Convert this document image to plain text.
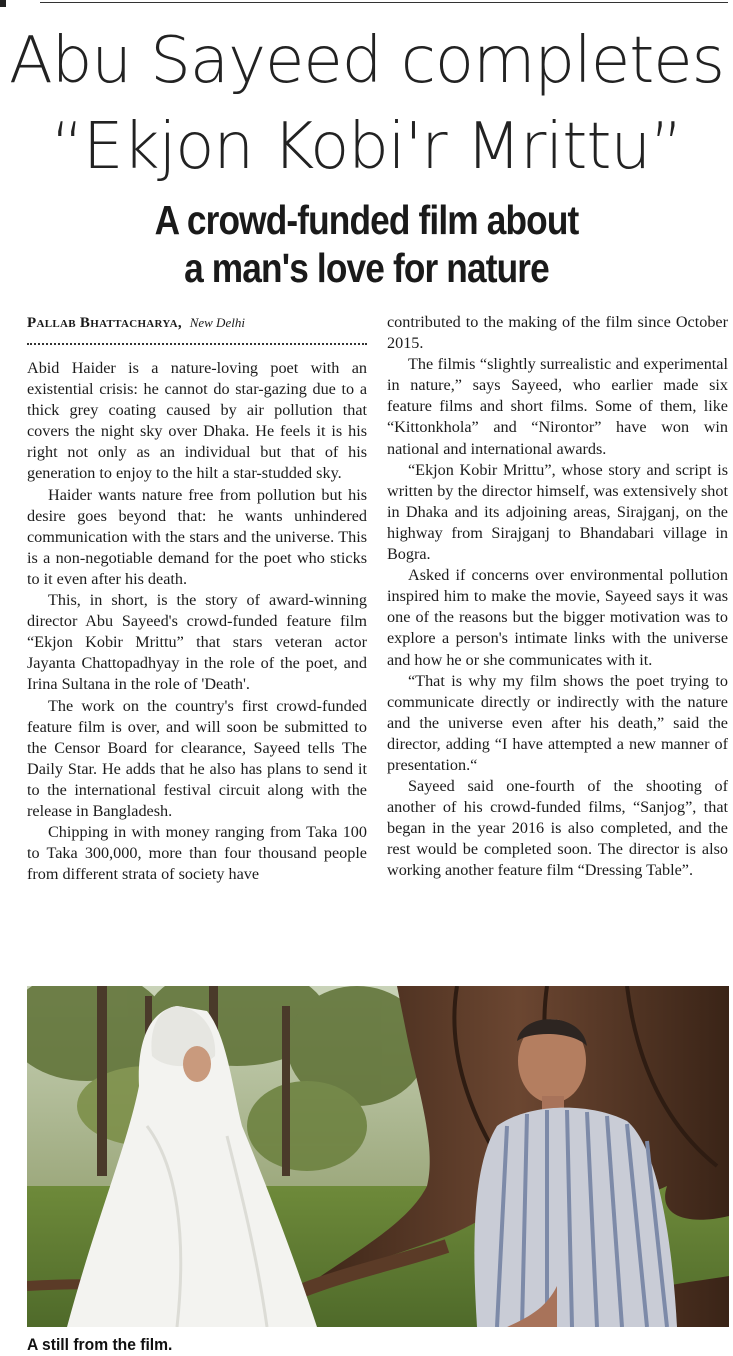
Abu Sayeed completes
“Ekjon Kobi'r Mrittu”
A crowd-funded film about
a man's love for nature
Pallab Bhattacharya, New Delhi

Abid Haider is a nature-loving poet with an existential crisis: he cannot do star-gazing due to a thick grey coating caused by air pollution that covers the night sky over Dhaka. He feels it is his right not only as an individual but that of his generation to enjoy to the hilt a star-studded sky.

Haider wants nature free from pollution but his desire goes beyond that: he wants unhindered communication with the stars and the universe. This is a non-negotiable demand for the poet who sticks to it even after his death.

This, in short, is the story of award-winning director Abu Sayeed's crowd-funded feature film “Ekjon Kobir Mrittu” that stars veteran actor Jayanta Chattopadhyay in the role of the poet, and Irina Sultana in the role of 'Death'.

The work on the country's first crowd-funded feature film is over, and will soon be submitted to the Censor Board for clearance, Sayeed tells The Daily Star. He adds that he also has plans to send it to the international festival circuit along with the release in Bangladesh.

Chipping in with money ranging from Taka 100 to Taka 300,000, more than four thousand people from different strata of society have

contributed to the making of the film since October 2015.

The filmis “slightly surrealistic and experimental in nature,” says Sayeed, who earlier made six feature films and short films. Some of them, like “Kittonkhola” and “Nirontor” have won win national and international awards.

“Ekjon Kobir Mrittu”, whose story and script is written by the director himself, was extensively shot in Dhaka and its adjoining areas, Sirajganj, on the highway from Sirajganj to Bhandabari village in Bogra.

Asked if concerns over environmental pollution inspired him to make the movie, Sayeed says it was one of the reasons but the bigger motivation was to explore a person's intimate links with the universe and how he or she communicates with it.

“That is why my film shows the poet trying to communicate directly or indirectly with the nature and the universe even after his death,” said the director, adding “I have attempted a new manner of presentation.“

Sayeed said one-fourth of the shooting of another of his crowd-funded films, “Sanjog”, that began in the year 2016 is also completed, and the rest would be completed soon. The director is also working another feature film “Dressing Table”.

A still from the film.
